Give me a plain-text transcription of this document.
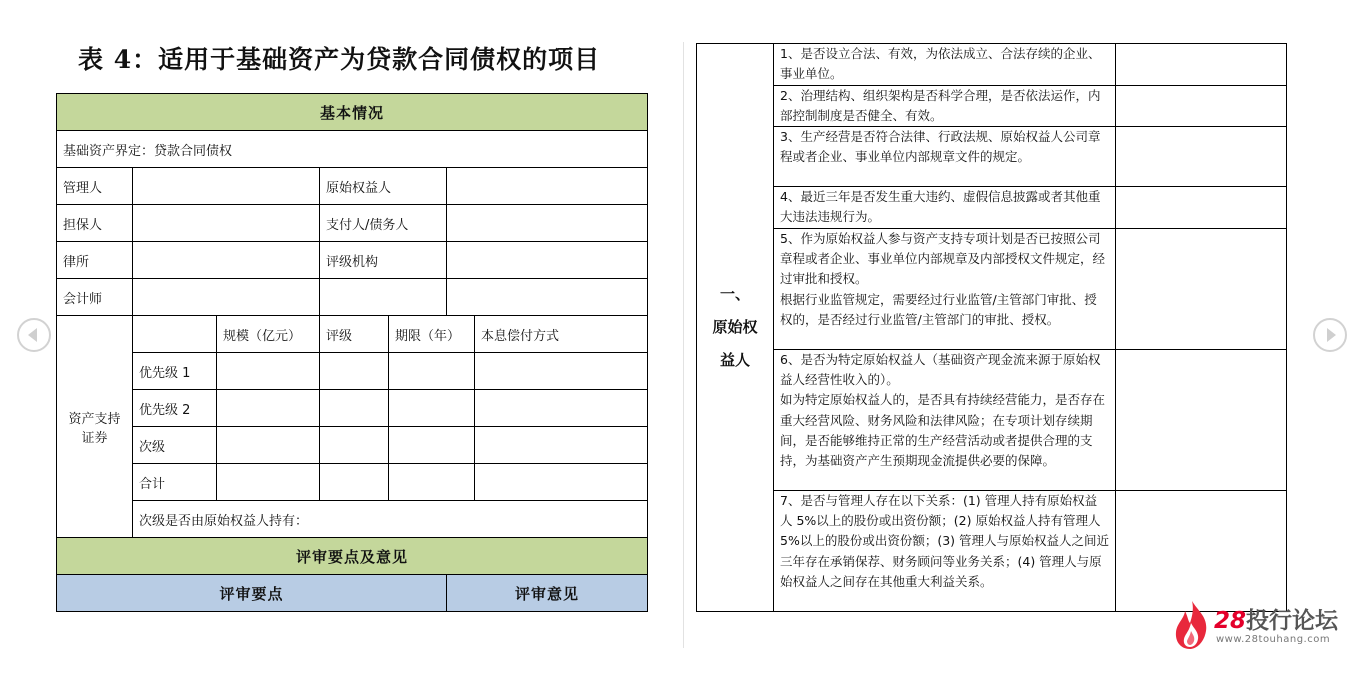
表 4：适用于基础资产为贷款合同债权的项目
基本情况						
基础资产界定：贷款合同债权						
管理人			原始权益人			
担保人			支付人/债务人			
律所			评级机构			
会计师						
资产支持证券		规模（亿元）	评级	期限（年）		本息偿付方式
	优先级 1					
	优先级 2					
	次级					
	合计					
	次级是否由原始权益人持有：					
评审要点及意见						
评审要点					评审意见	
一、
原始权
益人	1、是否设立合法、有效，为依法成立、合法存续的企业、事业单位。	

	2、治理结构、组织架构是否科学合理，是否依法运作，内部控制制度是否健全、有效。	

	3、生产经营是否符合法律、行政法规、原始权益人公司章程或者企业、事业单位内部规章文件的规定。	

	4、最近三年是否发生重大违约、虚假信息披露或者其他重大违法违规行为。	

	5、作为原始权益人参与资产支持专项计划是否已按照公司章程或者企业、事业单位内部规章及内部授权文件规定，经过审批和授权。
根据行业监管规定，需要经过行业监管/主管部门审批、授权的，是否经过行业监管/主管部门的审批、授权。	

	6、是否为特定原始权益人（基础资产现金流来源于原始权益人经营性收入的）。
如为特定原始权益人的，是否具有持续经营能力，是否存在重大经营风险、财务风险和法律风险；在专项计划存续期间，是否能够维持正常的生产经营活动或者提供合理的支持，为基础资产产生预期现金流提供必要的保障。	

	7、是否与管理人存在以下关系：(1) 管理人持有原始权益人 5%以上的股份或出资份额；(2) 原始权益人持有管理人 5%以上的股份或出资份额；(3) 管理人与原始权益人之间近三年存在承销保荐、财务顾问等业务关系；(4) 管理人与原始权益人之间存在其他重大利益关系。	

28投行论坛
www.28touhang.com
